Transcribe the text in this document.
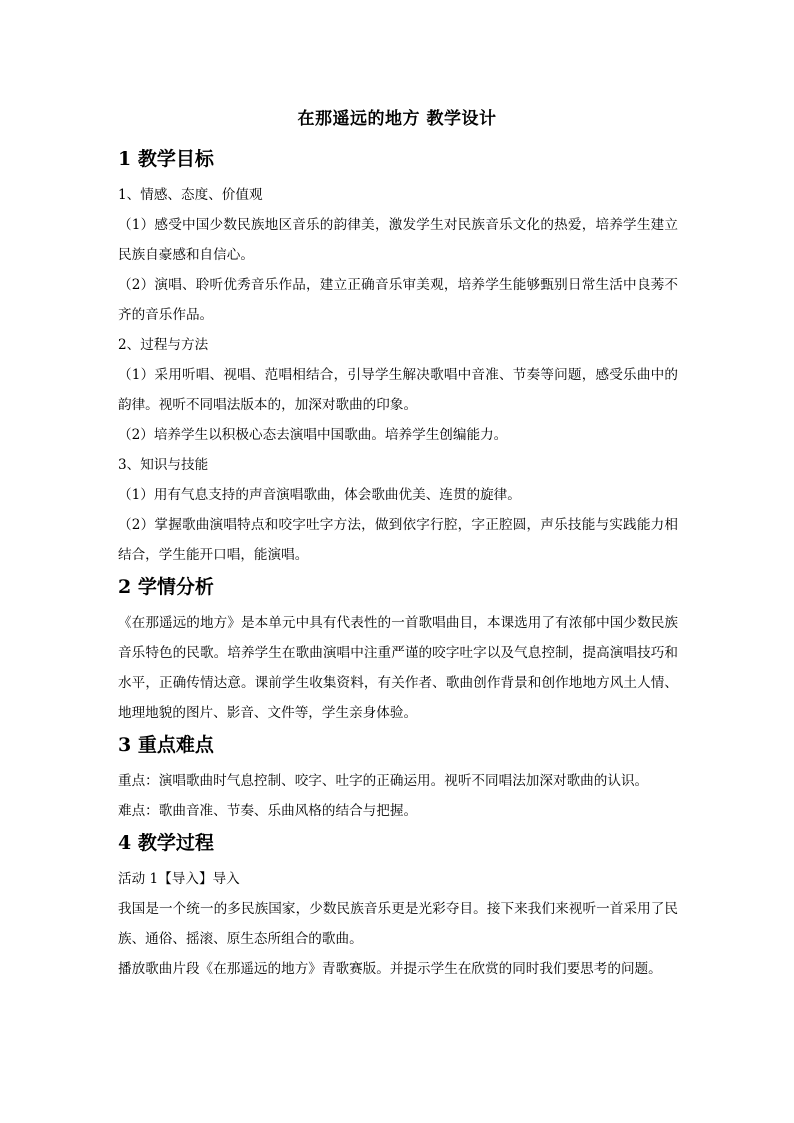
在那遥远的地方 教学设计
1 教学目标

1、情感、态度、价值观

（1）感受中国少数民族地区音乐的韵律美，激发学生对民族音乐文化的热爱，培养学生建立民族自豪感和自信心。

（2）演唱、聆听优秀音乐作品，建立正确音乐审美观，培养学生能够甄别日常生活中良莠不齐的音乐作品。

2、过程与方法

（1）采用听唱、视唱、范唱相结合，引导学生解决歌唱中音准、节奏等问题，感受乐曲中的韵律。视听不同唱法版本的，加深对歌曲的印象。

（2）培养学生以积极心态去演唱中国歌曲。培养学生创编能力。

3、知识与技能

（1）用有气息支持的声音演唱歌曲，体会歌曲优美、连贯的旋律。

（2）掌握歌曲演唱特点和咬字吐字方法，做到依字行腔，字正腔圆，声乐技能与实践能力相结合，学生能开口唱，能演唱。

2 学情分析

《在那遥远的地方》是本单元中具有代表性的一首歌唱曲目，本课选用了有浓郁中国少数民族音乐特色的民歌。培养学生在歌曲演唱中注重严谨的咬字吐字以及气息控制，提高演唱技巧和水平，正确传情达意。课前学生收集资料，有关作者、歌曲创作背景和创作地地方风土人情、地理地貌的图片、影音、文件等，学生亲身体验。

3 重点难点

重点：演唱歌曲时气息控制、咬字、吐字的正确运用。视听不同唱法加深对歌曲的认识。

难点：歌曲音准、节奏、乐曲风格的结合与把握。

4 教学过程

活动 1【导入】导入

我国是一个统一的多民族国家，少数民族音乐更是光彩夺目。接下来我们来视听一首采用了民族、通俗、摇滚、原生态所组合的歌曲。

播放歌曲片段《在那遥远的地方》青歌赛版。并提示学生在欣赏的同时我们要思考的问题。
